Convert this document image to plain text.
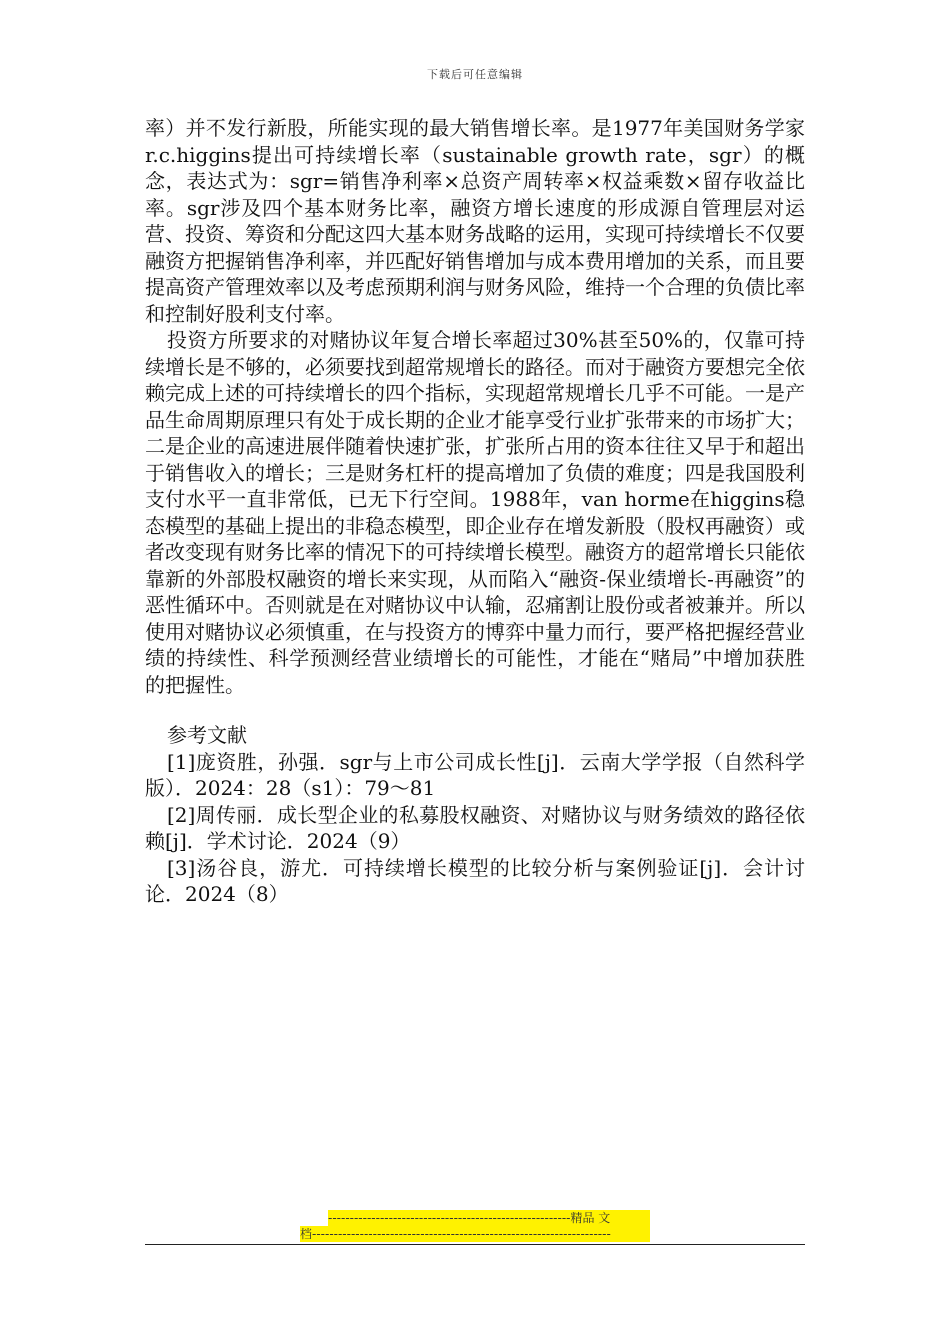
下载后可任意编辑

率）并不发行新股，所能实现的最大销售增长率。是1977年美国财务学家r.c.higgins提出可持续增长率（sustainable growth rate，sgr）的概念，表达式为：sgr=销售净利率×总资产周转率×权益乘数×留存收益比率。sgr涉及四个基本财务比率，融资方增长速度的形成源自管理层对运营、投资、筹资和分配这四大基本财务战略的运用，实现可持续增长不仅要融资方把握销售净利率，并匹配好销售增加与成本费用增加的关系，而且要提高资产管理效率以及考虑预期利润与财务风险，维持一个合理的负债比率和控制好股利支付率。

投资方所要求的对赌协议年复合增长率超过30%甚至50%的，仅靠可持续增长是不够的，必须要找到超常规增长的路径。而对于融资方要想完全依赖完成上述的可持续增长的四个指标，实现超常规增长几乎不可能。一是产品生命周期原理只有处于成长期的企业才能享受行业扩张带来的市场扩大；二是企业的高速进展伴随着快速扩张，扩张所占用的资本往往又早于和超出于销售收入的增长；三是财务杠杆的提高增加了负债的难度；四是我国股利支付水平一直非常低，已无下行空间。1988年，van horme在higgins稳态模型的基础上提出的非稳态模型，即企业存在增发新股（股权再融资）或者改变现有财务比率的情况下的可持续增长模型。融资方的超常增长只能依靠新的外部股权融资的增长来实现，从而陷入“融资-保业绩增长-再融资”的恶性循环中。否则就是在对赌协议中认输，忍痛割让股份或者被兼并。所以使用对赌协议必须慎重，在与投资方的博弈中量力而行，要严格把握经营业绩的持续性、科学预测经营业绩增长的可能性，才能在“赌局”中增加获胜的把握性。

参考文献

[1]庞资胜，孙强．sgr与上市公司成长性[j]．云南大学学报（自然科学版）．2024：28（s1）：79～81

[2]周传丽．成长型企业的私募股权融资、对赌协议与财务绩效的路径依赖[j]．学术讨论．2024（9）

[3]汤谷良，游尤．可持续增长模型的比较分析与案例验证[j]．会计讨论．2024（8）

--------------------------------------------------------精品 文
档---------------------------------------------------------------------
